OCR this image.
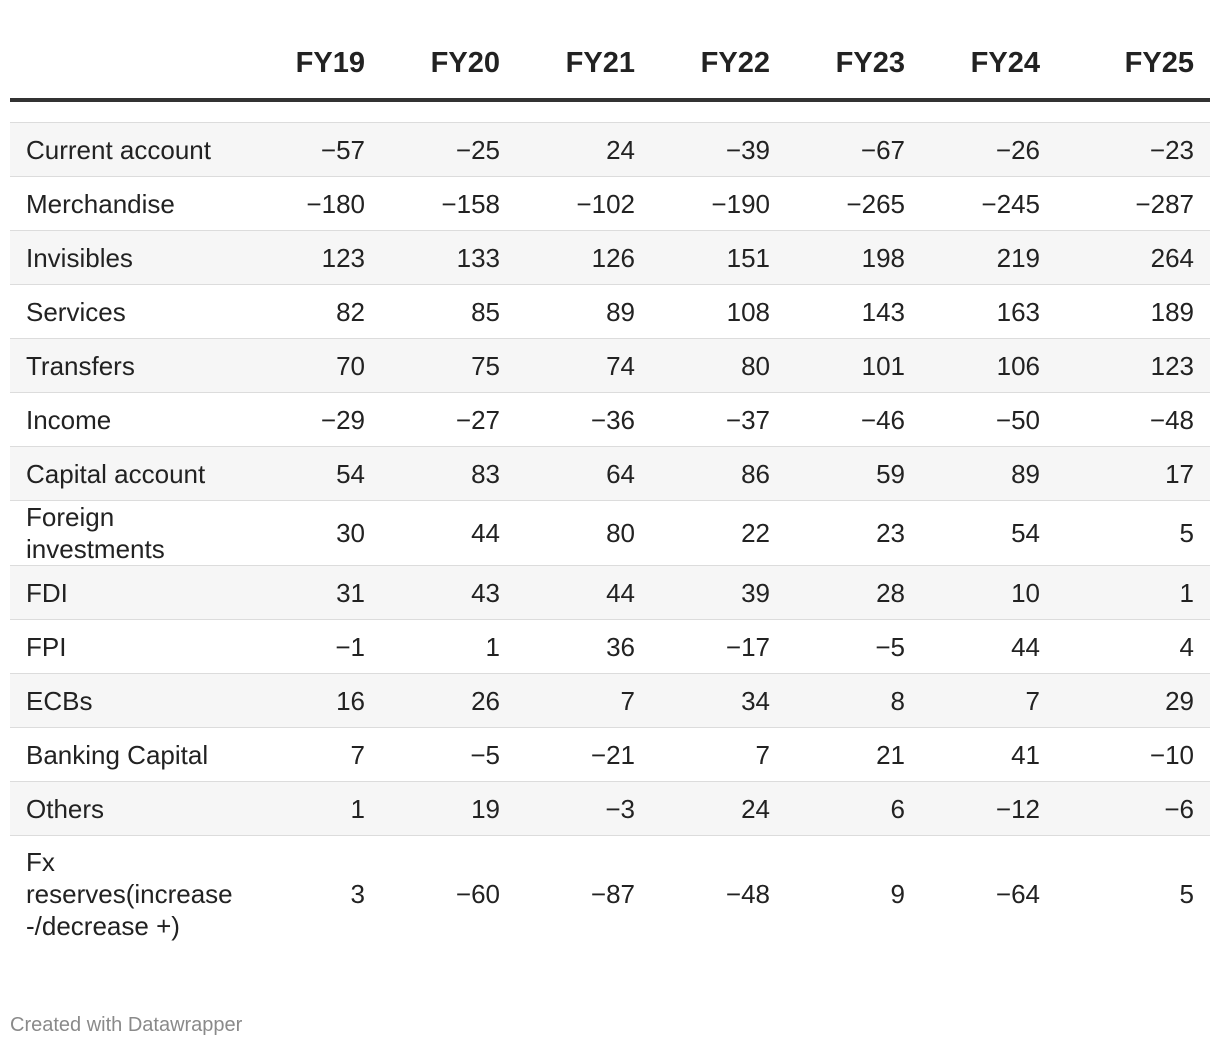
	FY19	FY20	FY21	FY22	FY23	FY24	FY25

Current account	−57	−25	24	−39	−67	−26	−23
Merchandise	−180	−158	−102	−190	−265	−245	−287
Invisibles	123	133	126	151	198	219	264
Services	82	85	89	108	143	163	189
Transfers	70	75	74	80	101	106	123
Income	−29	−27	−36	−37	−46	−50	−48
Capital account	54	83	64	86	59	89	17
Foreign investments	30	44	80	22	23	54	5
FDI	31	43	44	39	28	10	1
FPI	−1	1	36	−17	−5	44	4
ECBs	16	26	7	34	8	7	29
Banking Capital	7	−5	−21	7	21	41	−10
Others	1	19	−3	24	6	−12	−6
Fx reserves(increase -/decrease +)	3	−60	−87	−48	9	−64	5
Created with Datawrapper
